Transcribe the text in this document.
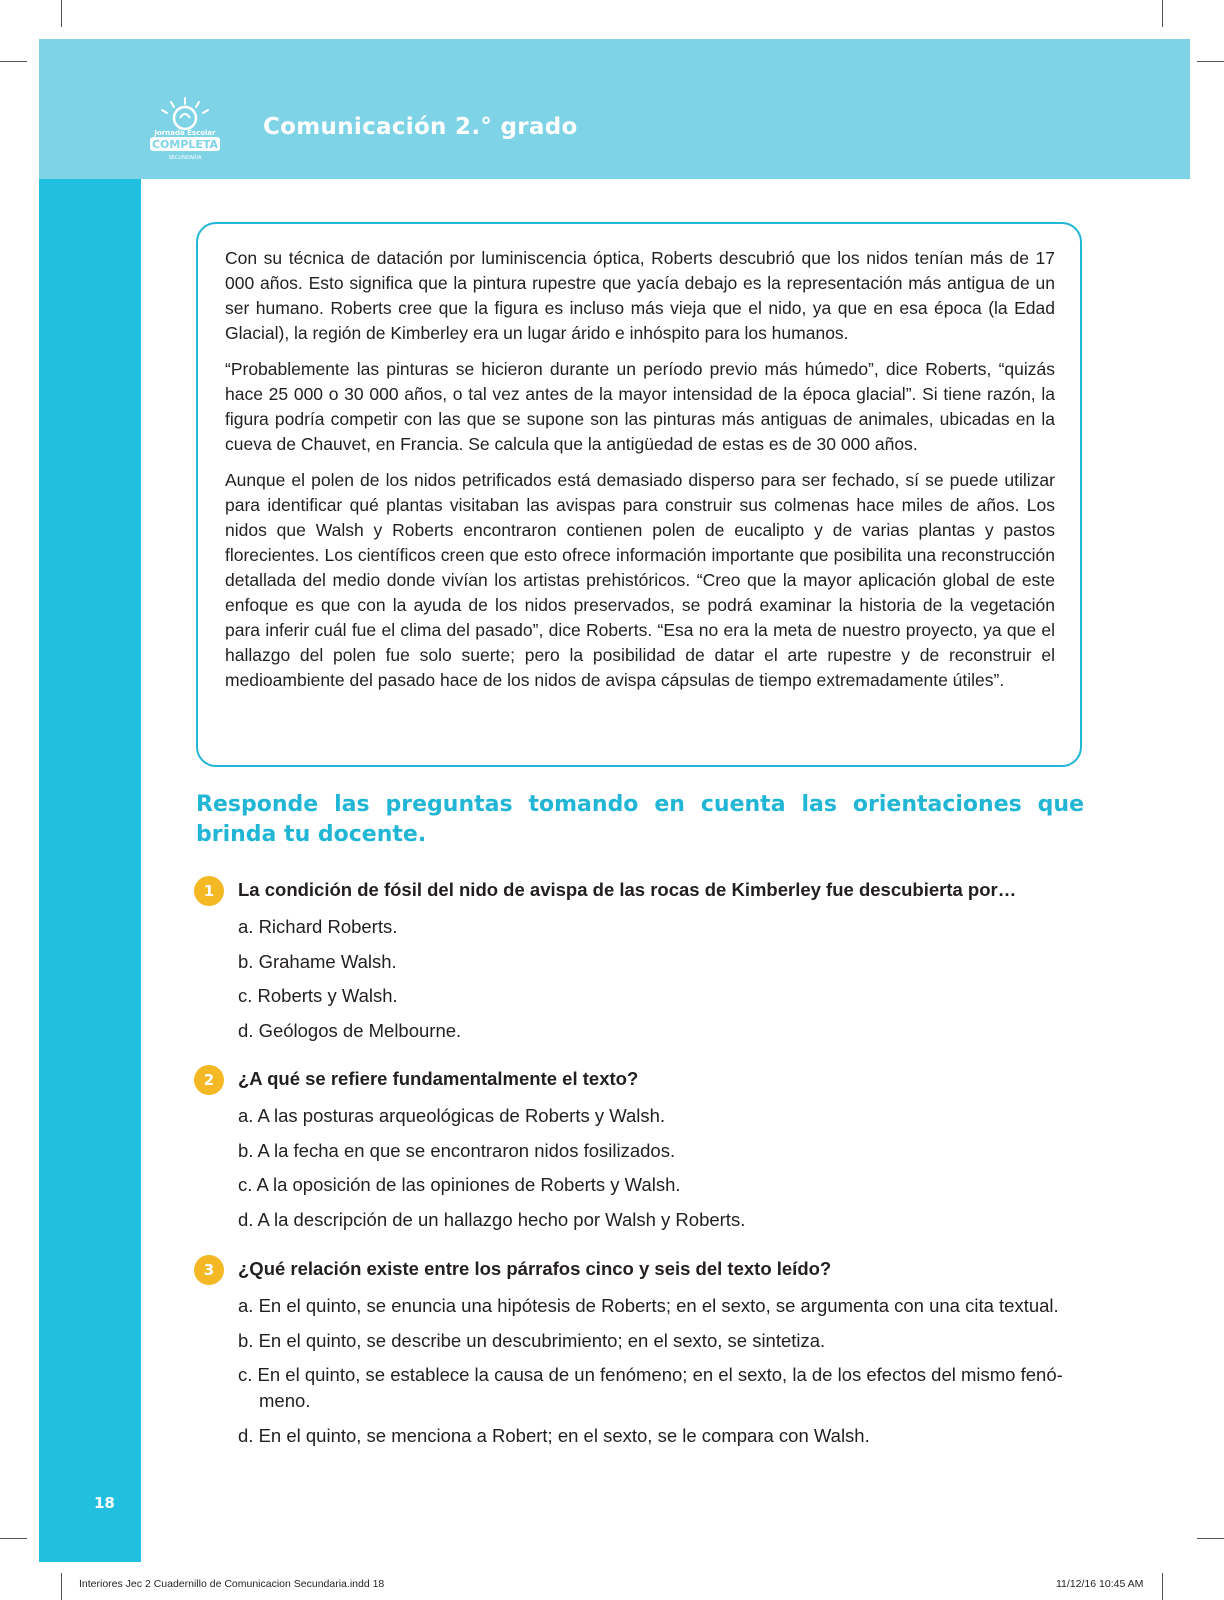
Jornada Escolar
COMPLETA
SECUNDARIA
Comunicación 2.° grado
18

Con su técnica de datación por luminiscencia óptica, Roberts descubrió que los nidos tenían más de 17 000 años. Esto significa que la pintura rupestre que yacía debajo es la representación más antigua de un ser humano. Roberts cree que la figura es incluso más vieja que el nido, ya que en esa época (la Edad Glacial), la región de Kimberley era un lugar árido e inhóspito para los humanos.

“Probablemente las pinturas se hicieron durante un período previo más húmedo”, dice Roberts, “quizás hace 25 000 o 30 000 años, o tal vez antes de la mayor intensidad de la época glacial”. Si tiene razón, la figura podría competir con las que se supone son las pinturas más antiguas de animales, ubicadas en la cueva de Chauvet, en Francia. Se calcula que la antigüedad de estas es de 30 000 años.

Aunque el polen de los nidos petrificados está demasiado disperso para ser fechado, sí se puede utilizar para identificar qué plantas visitaban las avispas para construir sus colmenas hace miles de años. Los nidos que Walsh y Roberts encontraron contienen polen de eucalipto y de varias plantas y pastos florecientes. Los científicos creen que esto ofrece información importante que posibilita una reconstrucción detallada del medio donde vivían los artistas prehistóricos. “Creo que la mayor aplicación global de este enfoque es que con la ayuda de los nidos preservados, se podrá examinar la historia de la vegetación para inferir cuál fue el clima del pasado”, dice Roberts. “Esa no era la meta de nuestro proyecto, ya que el hallazgo del polen fue solo suerte; pero la posibilidad de datar el arte rupestre y de reconstruir el medioambiente del pasado hace de los nidos de avispa cápsulas de tiempo extremadamente útiles”.

Responde las preguntas tomando en cuenta las orientaciones que brinda tu docente.

1	La condición de fósil del nido de avispa de las rocas de Kimberley fue descubierta por…

a. Richard Roberts.
b. Grahame Walsh.
c. Roberts y Walsh.
d. Geólogos de Melbourne.
2	¿A qué se refiere fundamentalmente el texto?

a. A las posturas arqueológicas de Roberts y Walsh.
b. A la fecha en que se encontraron nidos fosilizados.
c. A la oposición de las opiniones de Roberts y Walsh.
d. A la descripción de un hallazgo hecho por Walsh y Roberts.
3	¿Qué relación existe entre los párrafos cinco y seis del texto leído?

a. En el quinto, se enuncia una hipótesis de Roberts; en el sexto, se argumenta con una cita textual.
b. En el quinto, se describe un descubrimiento; en el sexto, se sintetiza.
c. En el quinto, se establece la causa de un fenómeno; en el sexto, la de los efectos del mismo fenó-meno.
d. En el quinto, se menciona a Robert; en el sexto, se le compara con Walsh.
Interiores Jec 2 Cuadernillo de Comunicacion Secundaria.indd 18	11/12/16 10:45 AM
